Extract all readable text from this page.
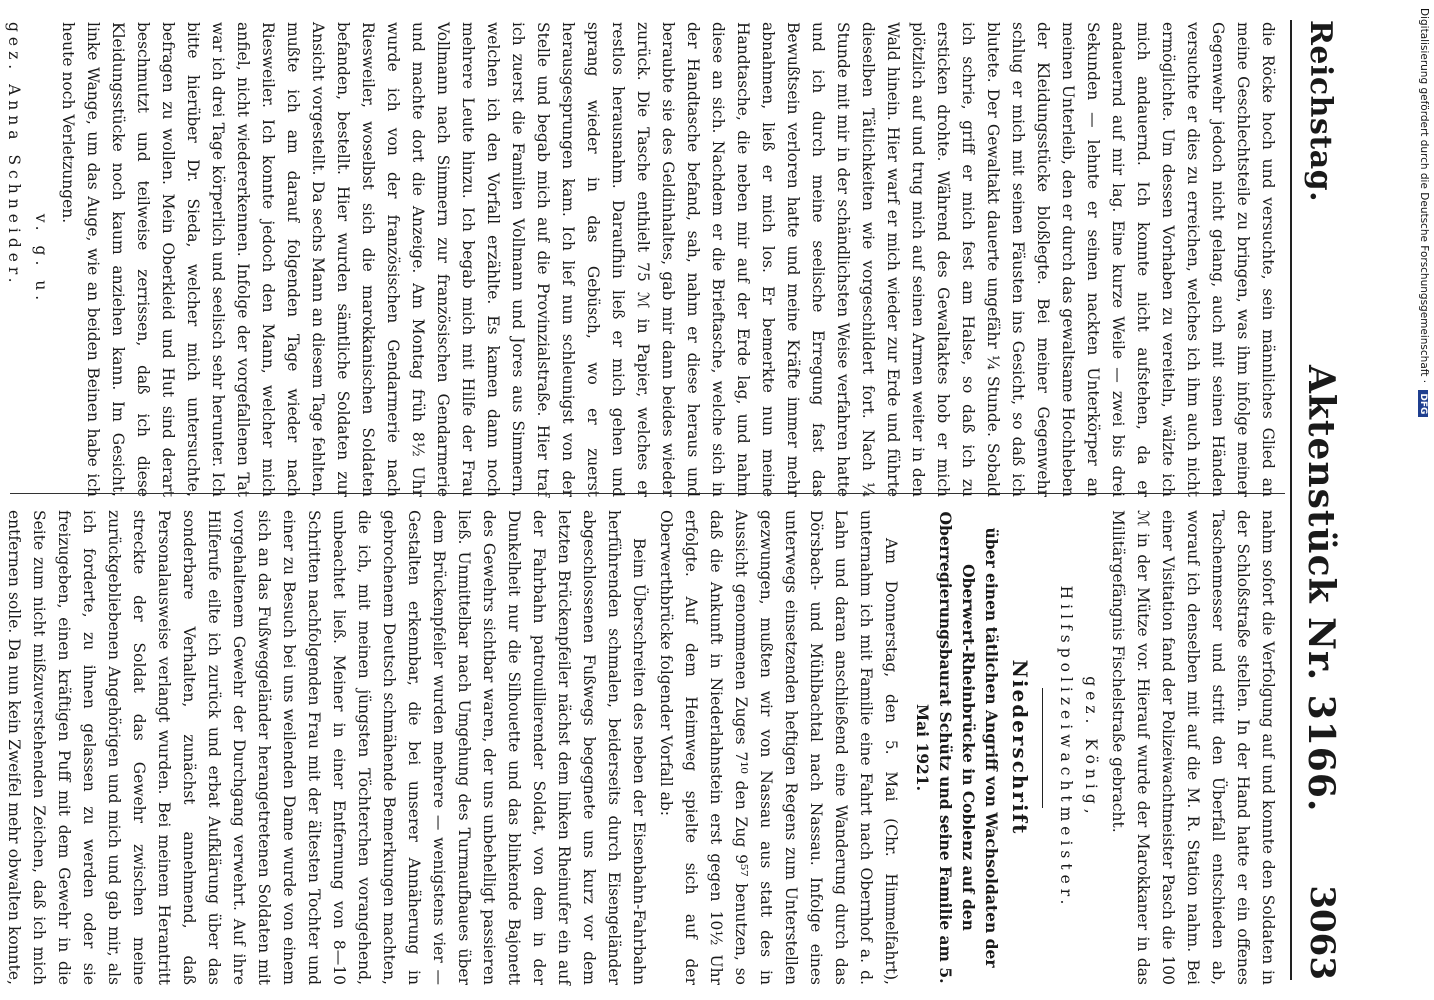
Reichstag.
Aktenstück Nr. 3166.
3063

die Röcke hoch und versuchte, sein männliches Glied an meine Geschlechtsteile zu bringen, was ihm infolge meiner Gegenwehr jedoch nicht gelang, auch mit seinen Händen versuchte er dies zu erreichen, welches ich ihm auch nicht ermöglichte. Um dessen Vorhaben zu vereiteln, wälzte ich mich andauernd. Ich konnte nicht aufstehen, da er andauernd auf mir lag. Eine kurze Weile — zwei bis drei Sekunden — lehnte er seinen nackten Unterkörper an meinen Unterleib, den er durch das gewaltsame Hochheben der Kleidungsstücke bloßlegte. Bei meiner Gegenwehr schlug er mich mit seinen Fäusten ins Gesicht, so daß ich blutete. Der Gewaltakt dauerte ungefähr ¼ Stunde. Sobald ich schrie, griff er mich fest am Halse, so daß ich zu ersticken drohte. Während des Gewaltaktes hob er mich plötzlich auf und trug mich auf seinen Armen weiter in den Wald hinein. Hier warf er mich wieder zur Erde und führte dieselben Tätlichkeiten wie vorgeschildert fort. Nach ¼ Stunde mit mir in der schändlichsten Weise verfahren hatte und ich durch meine seelische Erregung fast das Bewußtsein verloren hatte und meine Kräfte immer mehr abnahmen, ließ er mich los. Er bemerkte nun meine Handtasche, die neben mir auf der Erde lag, und nahm diese an sich. Nachdem er die Brieftasche, welche sich in der Handtasche befand, sah, nahm er diese heraus und beraubte sie des Geldinhaltes, gab mir dann beides wieder zurück. Die Tasche enthielt 75 ℳ in Papier, welches er restlos herausnahm. Daraufhin ließ er mich gehen und sprang wieder in das Gebüsch, wo er zuerst herausgesprungen kam. Ich lief nun schleunigst von der Stelle und begab mich auf die Provinzialstraße. Hier traf ich zuerst die Familien Vollmann und Jores aus Simmern, welchen ich den Vorfall erzählte. Es kamen dann noch mehrere Leute hinzu. Ich begab mich mit Hilfe der Frau Vollmann nach Simmern zur französischen Gendarmerie und machte dort die Anzeige. Am Montag früh 8½ Uhr wurde ich von der französischen Gendarmerie nach Riesweiler, woselbst sich die marokkanischen Soldaten befanden, bestellt. Hier wurden sämtliche Soldaten zur Ansicht vorgestellt. Da sechs Mann an diesem Tage fehlten, mußte ich am darauf folgenden Tage wieder nach Riesweiler. Ich konnte jedoch den Mann, welcher mich anfiel, nicht wiedererkennen. Infolge der vorgefallenen Tat war ich drei Tage körperlich und seelisch sehr herunter. Ich bitte hierüber Dr. Sieda, welcher mich untersuchte, befragen zu wollen. Mein Oberkleid und Hut sind derart beschmutzt und teilweise zerrissen, daß ich diese Kleidungsstücke noch kaum anziehen kann. Im Gesicht, linke Wange, um das Auge, wie an beiden Beinen habe ich heute noch Verletzungen.

v. g. u.

gez. Anna Schneider.

nahm sofort die Verfolgung auf und konnte den Soldaten in der Schloßstraße stellen. In der Hand hatte er ein offenes Taschenmesser und stritt den Überfall entschieden ab, worauf ich denselben mit auf die M. R. Station nahm. Bei einer Visitation fand der Polizeiwachtmeister Pasch die 100 ℳ in der Mütze vor. Hierauf wurde der Marokkaner in das Militärgefängnis Fischelstraße gebracht.

gez. König, Hilfspolizeiwachtmeister.

Niederschrift
über einen tätlichen Angriff von Wachsoldaten der Oberwert-Rheinbrücke in Coblenz auf den Oberregierungsbaurat Schütz und seine Familie am 5. Mai 1921.

Am Donnerstag, den 5. Mai (Chr. Himmelfahrt), unternahm ich mit Familie eine Fahrt nach Obernhof a. d. Lahn und daran anschließend eine Wanderung durch das Dörsbach- und Mühlbachtal nach Nassau. Infolge eines unterwegs einsetzenden heftigen Regens zum Unterstellen gezwungen, mußten wir von Nassau aus statt des in Aussicht genommenen Zuges 7¹⁰ den Zug 9⁵⁷ benutzen, so daß die Ankunft in Niederlahnstein erst gegen 10½ Uhr erfolgte. Auf dem Heimweg spielte sich auf der Oberwerthbrücke folgender Vorfall ab:

Beim Überschreiten des neben der Eisenbahn-Fahrbahn herführenden schmalen, beiderseits durch Eisengeländer abgeschlossenen Fußwegs begegnete uns kurz vor dem letzten Brückenpfeiler nächst dem linken Rheinufer ein auf der Fahrbahn patrouillierender Soldat, von dem in der Dunkelheit nur die Silhouette und das blinkende Bajonett des Gewehrs sichtbar waren, der uns unbehelligt passieren ließ. Unmittelbar nach Umgehung des Turmaufbaues über dem Brückenpfeiler wurden mehrere — wenigstens vier — Gestalten erkennbar, die bei unserer Annäherung in gebrochenem Deutsch schmähende Bemerkungen machten, die ich, mit meinen jüngsten Töchterchen vorangehend, unbeachtet ließ. Meiner in einer Entfernung von 8—10 Schritten nachfolgenden Frau mit der ältesten Tochter und einer zu Besuch bei uns weilenden Dame wurde von einem sich an das Fußweggeländer herangetretenen Soldaten mit vorgehaltenem Gewehr der Durchgang verwehrt. Auf ihre Hilferufe eilte ich zurück und erbat Aufklärung über das sonderbare Verhalten, zunächst annehmend, daß Personalausweise verlangt wurden. Bei meinem Herantritt streckte der Soldat das Gewehr zwischen meine zurückgebliebenen Angehörigen und mich und gab mir, als ich forderte, zu ihnen gelassen zu werden oder sie freizugeben, einen kräftigen Puff mit dem Gewehr in die Seite zum nicht mißzuverstehenden Zeichen, daß ich mich entfernen solle. Da nun kein Zweifel mehr obwalten konnte,

Digitalisierung gefördert durch die Deutsche Forschungsgemeinschaft · DFG
